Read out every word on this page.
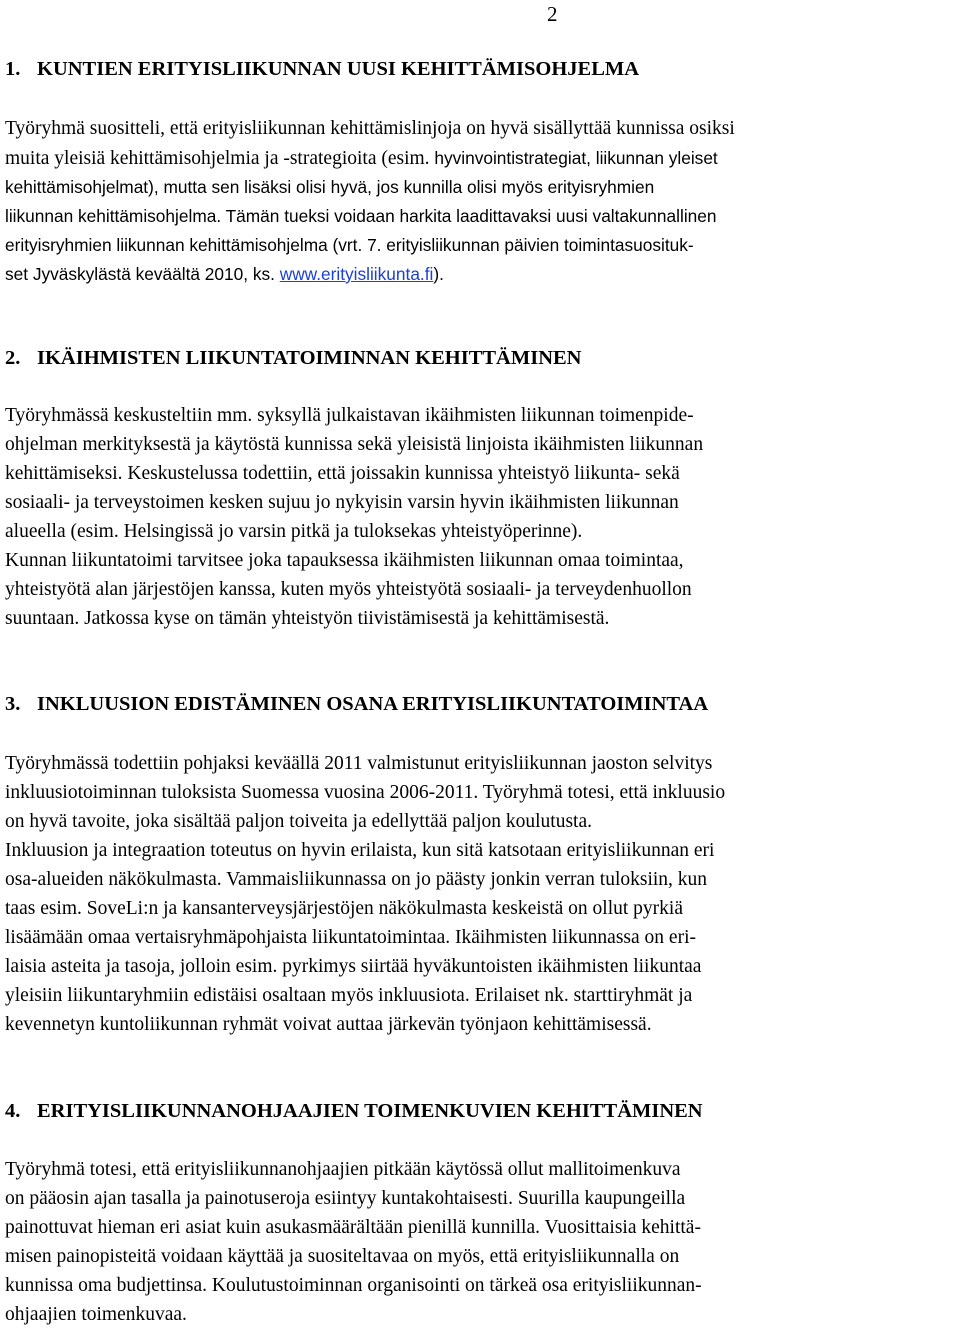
2
1. KUNTIEN ERITYISLIIKUNNAN UUSI KEHITTÄMISOHJELMA
Työryhmä suositteli, että erityisliikunnan kehittämislinjoja on hyvä sisällyttää kunnissa osiksi
muita yleisiä kehittämisohjelmia ja -strategioita (esim. hyvinvointistrategiat, liikunnan yleiset
kehittämisohjelmat), mutta sen lisäksi olisi hyvä, jos kunnilla olisi myös erityisryhmien
liikunnan kehittämisohjelma. Tämän tueksi voidaan harkita laadittavaksi uusi valtakunnallinen
erityisryhmien liikunnan kehittämisohjelma (vrt. 7. erityisliikunnan päivien toimintasuosituk-
set Jyväskylästä keväältä 2010, ks. www.erityisliikunta.fi).
2. IKÄIHMISTEN LIIKUNTATOIMINNAN KEHITTÄMINEN
Työryhmässä keskusteltiin mm. syksyllä julkaistavan ikäihmisten liikunnan toimenpide-
ohjelman merkityksestä ja käytöstä kunnissa sekä yleisistä linjoista ikäihmisten liikunnan
kehittämiseksi. Keskustelussa todettiin, että joissakin kunnissa yhteistyö liikunta- sekä
sosiaali- ja terveystoimen kesken sujuu jo nykyisin varsin hyvin ikäihmisten liikunnan
alueella (esim. Helsingissä jo varsin pitkä ja tuloksekas yhteistyöperinne).
Kunnan liikuntatoimi tarvitsee joka tapauksessa ikäihmisten liikunnan omaa toimintaa,
yhteistyötä alan järjestöjen kanssa, kuten myös yhteistyötä sosiaali- ja terveydenhuollon
suuntaan. Jatkossa kyse on tämän yhteistyön tiivistämisestä ja kehittämisestä.
3. INKLUUSION EDISTÄMINEN OSANA ERITYISLIIKUNTATOIMINTAA
Työryhmässä todettiin pohjaksi keväällä 2011 valmistunut erityisliikunnan jaoston selvitys
inkluusiotoiminnan tuloksista Suomessa vuosina 2006-2011. Työryhmä totesi, että inkluusio
on hyvä tavoite, joka sisältää paljon toiveita ja edellyttää paljon koulutusta.
Inkluusion ja integraation toteutus on hyvin erilaista, kun sitä katsotaan erityisliikunnan eri
osa-alueiden näkökulmasta. Vammaisliikunnassa on jo päästy jonkin verran tuloksiin, kun
taas esim. SoveLi:n ja kansanterveysjärjestöjen näkökulmasta keskeistä on ollut pyrkiä
lisäämään omaa vertaisryhmäpohjaista liikuntatoimintaa. Ikäihmisten liikunnassa on eri-
laisia asteita ja tasoja, jolloin esim. pyrkimys siirtää hyväkuntoisten ikäihmisten liikuntaa
yleisiin liikuntaryhmiin edistäisi osaltaan myös inkluusiota. Erilaiset nk. starttiryhmät ja
kevennetyn kuntoliikunnan ryhmät voivat auttaa järkevän työnjaon kehittämisessä.
4. ERITYISLIIKUNNANOHJAAJIEN TOIMENKUVIEN KEHITTÄMINEN
Työryhmä totesi, että erityisliikunnanohjaajien pitkään käytössä ollut mallitoimenkuva
on pääosin ajan tasalla ja painotuseroja esiintyy kuntakohtaisesti. Suurilla kaupungeilla
painottuvat hieman eri asiat kuin asukasmäärältään pienillä kunnilla. Vuosittaisia kehittä-
misen painopisteitä voidaan käyttää ja suositeltavaa on myös, että erityisliikunnalla on
kunnissa oma budjettinsa. Koulutustoiminnan organisointi on tärkeä osa erityisliikunnan-
ohjaajien toimenkuvaa.
